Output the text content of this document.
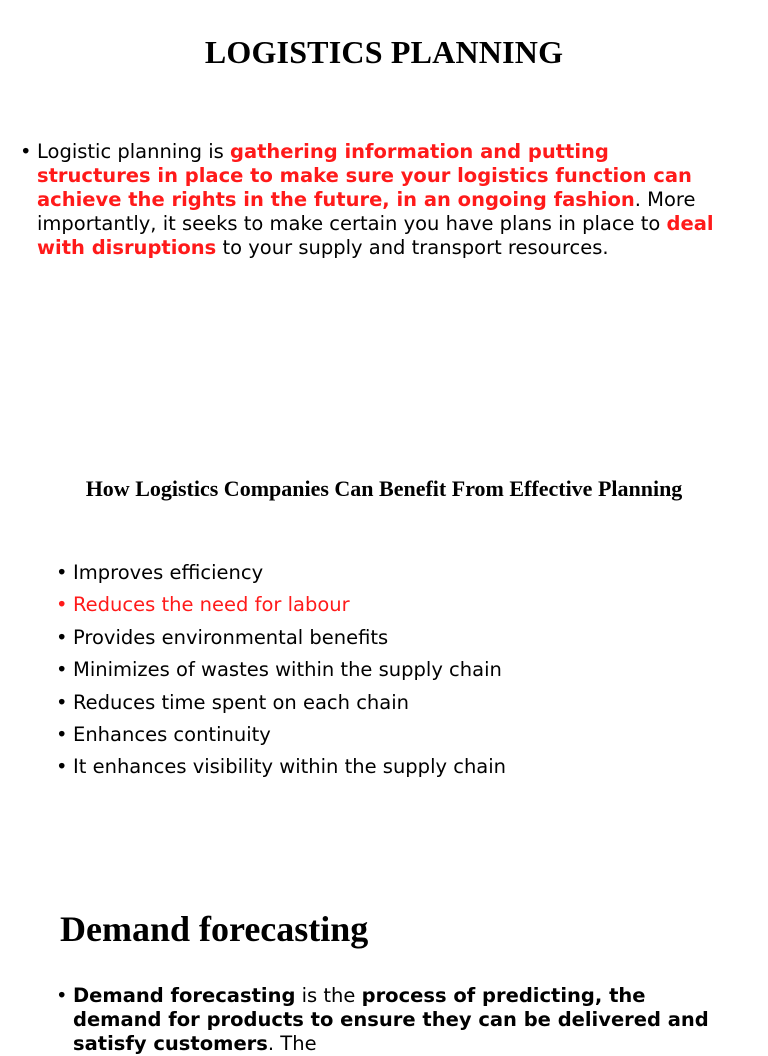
LOGISTICS PLANNING
• Logistic planning is gathering information and putting structures in place to make sure your logistics function can achieve the rights in the future, in an ongoing fashion. More importantly, it seeks to make certain you have plans in place to deal with disruptions to your supply and transport resources.
How Logistics Companies Can Benefit From Effective Planning
• Improves efficiency
• Reduces the need for labour
• Provides environmental benefits
• Minimizes of wastes within the supply chain
• Reduces time spent on each chain
• Enhances continuity
• It enhances visibility within the supply chain
Demand forecasting
• Demand forecasting is the process of predicting, the demand for products to ensure they can be delivered and satisfy customers. The
